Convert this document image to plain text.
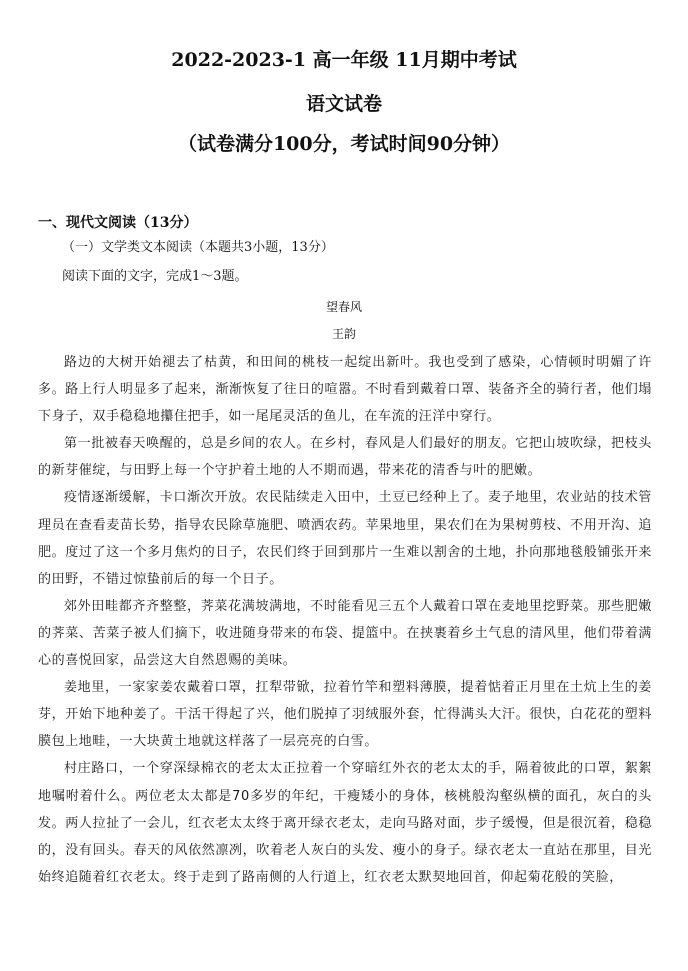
2022-2023-1 高一年级 11月期中考试
语文试卷
（试卷满分100分，考试时间90分钟）
一、现代文阅读（13分）
（一）文学类文本阅读（本题共3小题，13分）
阅读下面的文字，完成1～3题。
望春风
王韵

路边的大树开始褪去了枯黄，和田间的桃枝一起绽出新叶。我也受到了感染，心情顿时明媚了许多。路上行人明显多了起来，渐渐恢复了往日的喧嚣。不时看到戴着口罩、装备齐全的骑行者，他们塌下身子，双手稳稳地攥住把手，如一尾尾灵活的鱼儿，在车流的汪洋中穿行。

第一批被春天唤醒的，总是乡间的农人。在乡村，春风是人们最好的朋友。它把山坡吹绿，把枝头的新芽催绽，与田野上每一个守护着土地的人不期而遇，带来花的清香与叶的肥嫩。

疫情逐渐缓解，卡口渐次开放。农民陆续走入田中，土豆已经种上了。麦子地里，农业站的技术管理员在查看麦苗长势，指导农民除草施肥、喷洒农药。苹果地里，果农们在为果树剪枝、不用开沟、追肥。度过了这一个多月焦灼的日子，农民们终于回到那片一生难以割舍的土地，扑向那地毯般铺张开来的田野，不错过惊蛰前后的每一个日子。

郊外田畦都齐齐整整，荠菜花满坡满地，不时能看见三五个人戴着口罩在麦地里挖野菜。那些肥嫩的荠菜、苦菜子被人们摘下，收进随身带来的布袋、提篮中。在挟裹着乡土气息的清风里，他们带着满心的喜悦回家，品尝这大自然恩赐的美味。

姜地里，一家家姜农戴着口罩，扛犁带锨，拉着竹竿和塑料薄膜，提着惦着正月里在土炕上生的姜芽，开始下地种姜了。干活干得起了兴，他们脱掉了羽绒服外套，忙得满头大汗。很快，白花花的塑料膜包上地畦，一大块黄土地就这样落了一层亮亮的白雪。

村庄路口，一个穿深绿棉衣的老太太正拉着一个穿暗红外衣的老太太的手，隔着彼此的口罩，絮絮地嘱咐着什么。两位老太太都是70多岁的年纪，干瘦矮小的身体，核桃般沟壑纵横的面孔，灰白的头发。两人拉扯了一会儿，红衣老太太终于离开绿衣老太，走向马路对面，步子缓慢，但是很沉着，稳稳的，没有回头。春天的风依然凛冽，吹着老人灰白的头发、瘦小的身子。绿衣老太一直站在那里，目光始终追随着红衣老太。终于走到了路南侧的人行道上，红衣老太默契地回首，仰起菊花般的笑脸，
